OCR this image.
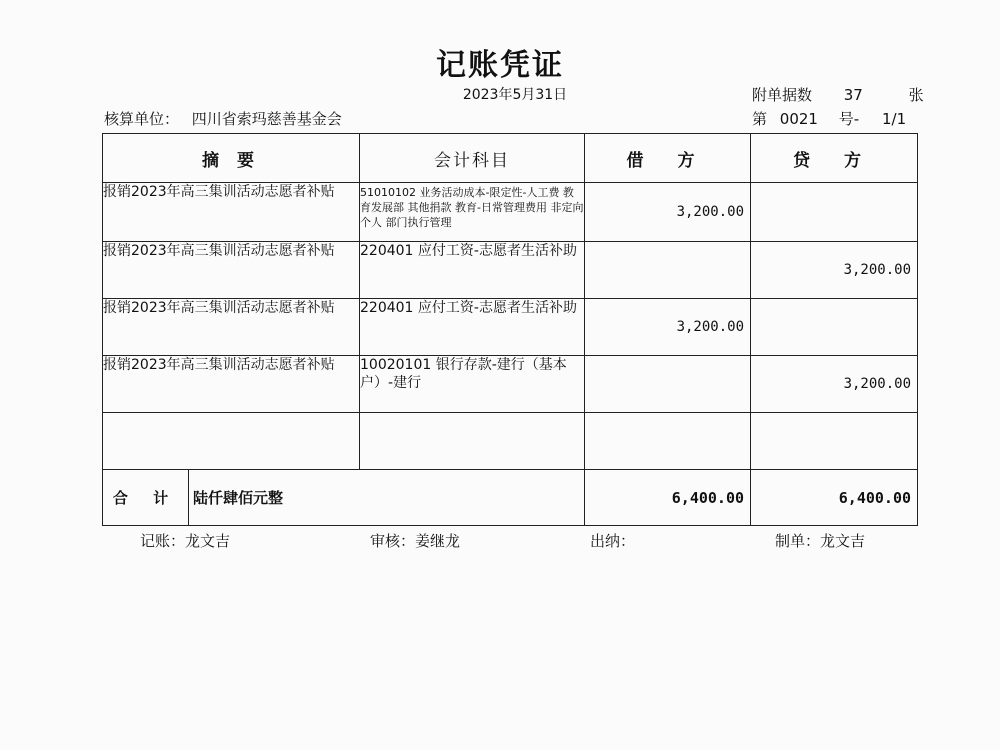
记账凭证
2023年5月31日	附单据数 37	张
核算单位： 四川省索玛慈善基金会	第 0021 号- 1/1
摘 要		会计科目	借 方	贷 方
报销2023年高三集训活动志愿者补贴		51010102 业务活动成本-限定性-人工费 教育发展部 其他捐款 教育-日常管理费用 非定向 个人 部门执行管理	3,200.00	
报销2023年高三集训活动志愿者补贴		220401 应付工资-志愿者生活补助		3,200.00
报销2023年高三集训活动志愿者补贴		220401 应付工资-志愿者生活补助	3,200.00	
报销2023年高三集训活动志愿者补贴		10020101 银行存款-建行（基本户）-建行		3,200.00

合 计	陆仟肆佰元整		6,400.00	6,400.00
记账：龙文吉	审核：姜继龙	出纳：	制单：龙文吉
